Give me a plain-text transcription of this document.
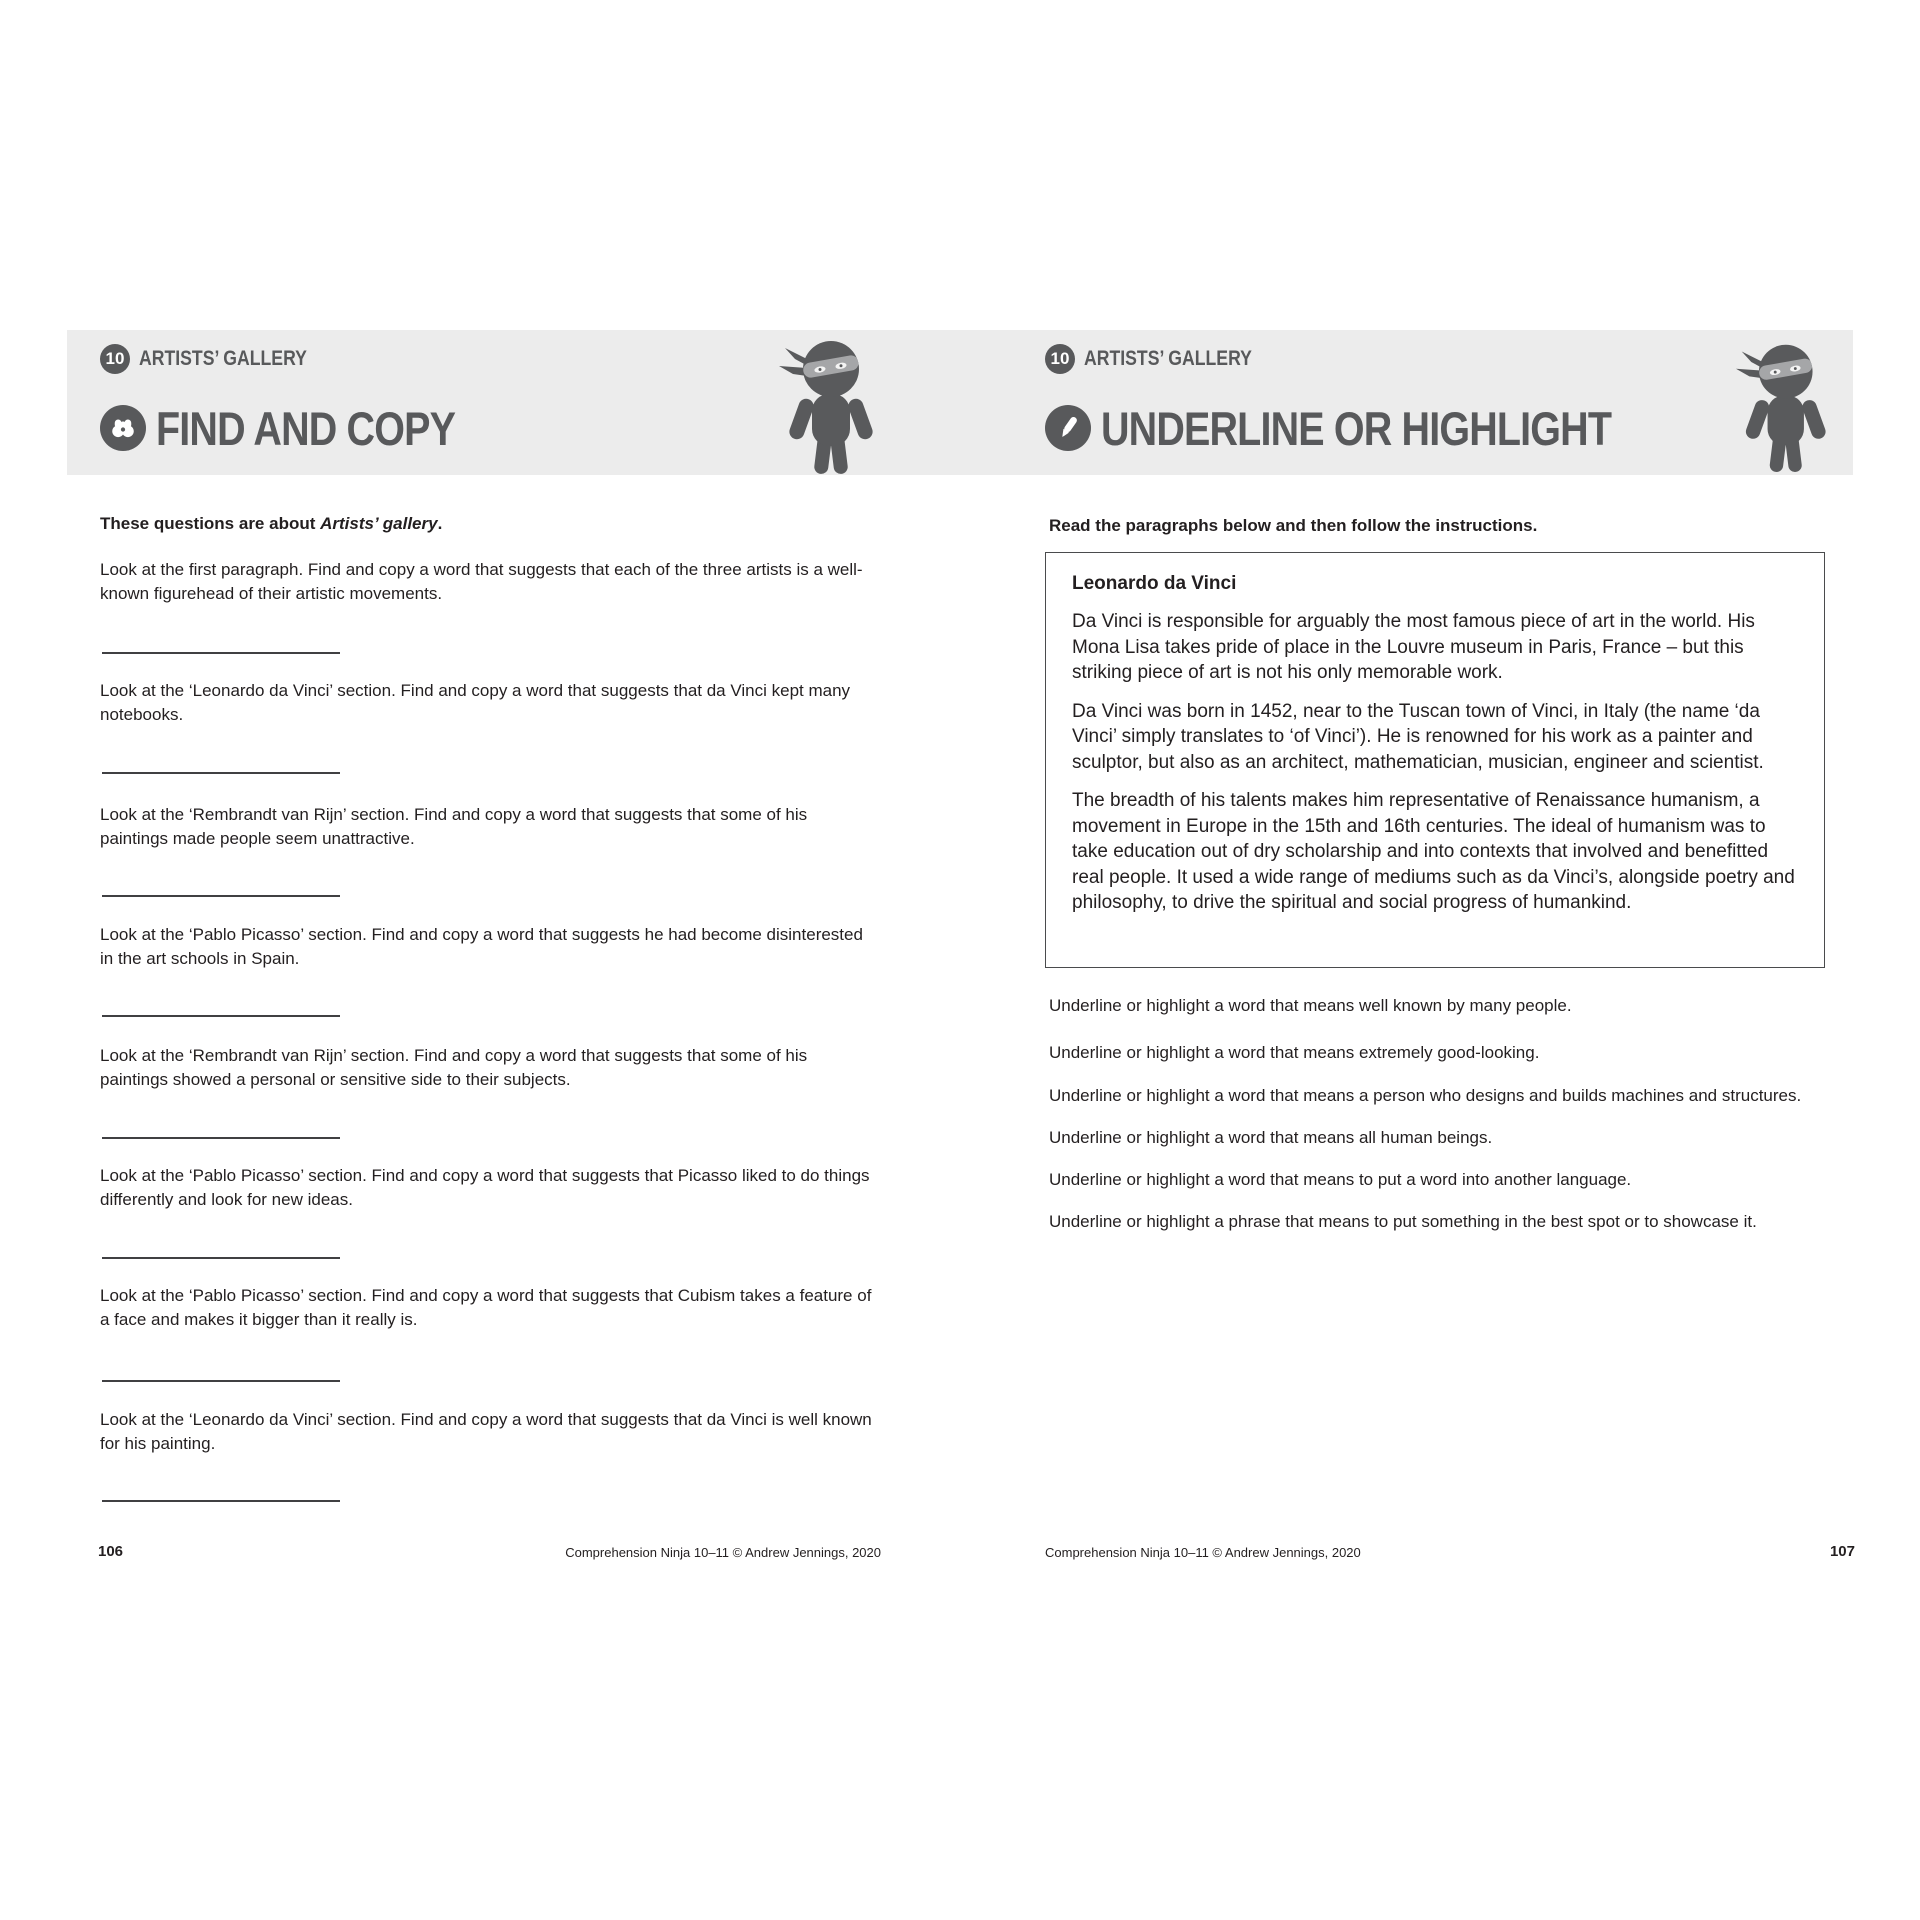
10 ARTISTS’ GALLERY
FIND AND COPY
10 ARTISTS’ GALLERY
UNDERLINE OR HIGHLIGHT
These questions are about Artists’ gallery.
Look at the first paragraph. Find and copy a word that suggests that each of the three artists is a well-known figurehead of their artistic movements.
Look at the ‘Leonardo da Vinci’ section. Find and copy a word that suggests that da Vinci kept many notebooks.
Look at the ‘Rembrandt van Rijn’ section. Find and copy a word that suggests that some of his paintings made people seem unattractive.
Look at the ‘Pablo Picasso’ section. Find and copy a word that suggests he had become disinterested in the art schools in Spain.
Look at the ‘Rembrandt van Rijn’ section. Find and copy a word that suggests that some of his paintings showed a personal or sensitive side to their subjects.
Look at the ‘Pablo Picasso’ section. Find and copy a word that suggests that Picasso liked to do things differently and look for new ideas.
Look at the ‘Pablo Picasso’ section. Find and copy a word that suggests that Cubism takes a feature of a face and makes it bigger than it really is.
Look at the ‘Leonardo da Vinci’ section. Find and copy a word that suggests that da Vinci is well known for his painting.
106	Comprehension Ninja 10–11 © Andrew Jennings, 2020
Read the paragraphs below and then follow the instructions.

Leonardo da Vinci

Da Vinci is responsible for arguably the most famous piece of art in the world. His Mona Lisa takes pride of place in the Louvre museum in Paris, France – but this striking piece of art is not his only memorable work.

Da Vinci was born in 1452, near to the Tuscan town of Vinci, in Italy (the name ‘da Vinci’ simply translates to ‘of Vinci’). He is renowned for his work as a painter and sculptor, but also as an architect, mathematician, musician, engineer and scientist.

The breadth of his talents makes him representative of Renaissance humanism, a movement in Europe in the 15th and 16th centuries. The ideal of humanism was to take education out of dry scholarship and into contexts that involved and benefitted real people. It used a wide range of mediums such as da Vinci’s, alongside poetry and philosophy, to drive the spiritual and social progress of humankind.

Underline or highlight a word that means well known by many people.
Underline or highlight a word that means extremely good-looking.
Underline or highlight a word that means a person who designs and builds machines and structures.
Underline or highlight a word that means all human beings.
Underline or highlight a word that means to put a word into another language.
Underline or highlight a phrase that means to put something in the best spot or to showcase it.
Comprehension Ninja 10–11 © Andrew Jennings, 2020	107
